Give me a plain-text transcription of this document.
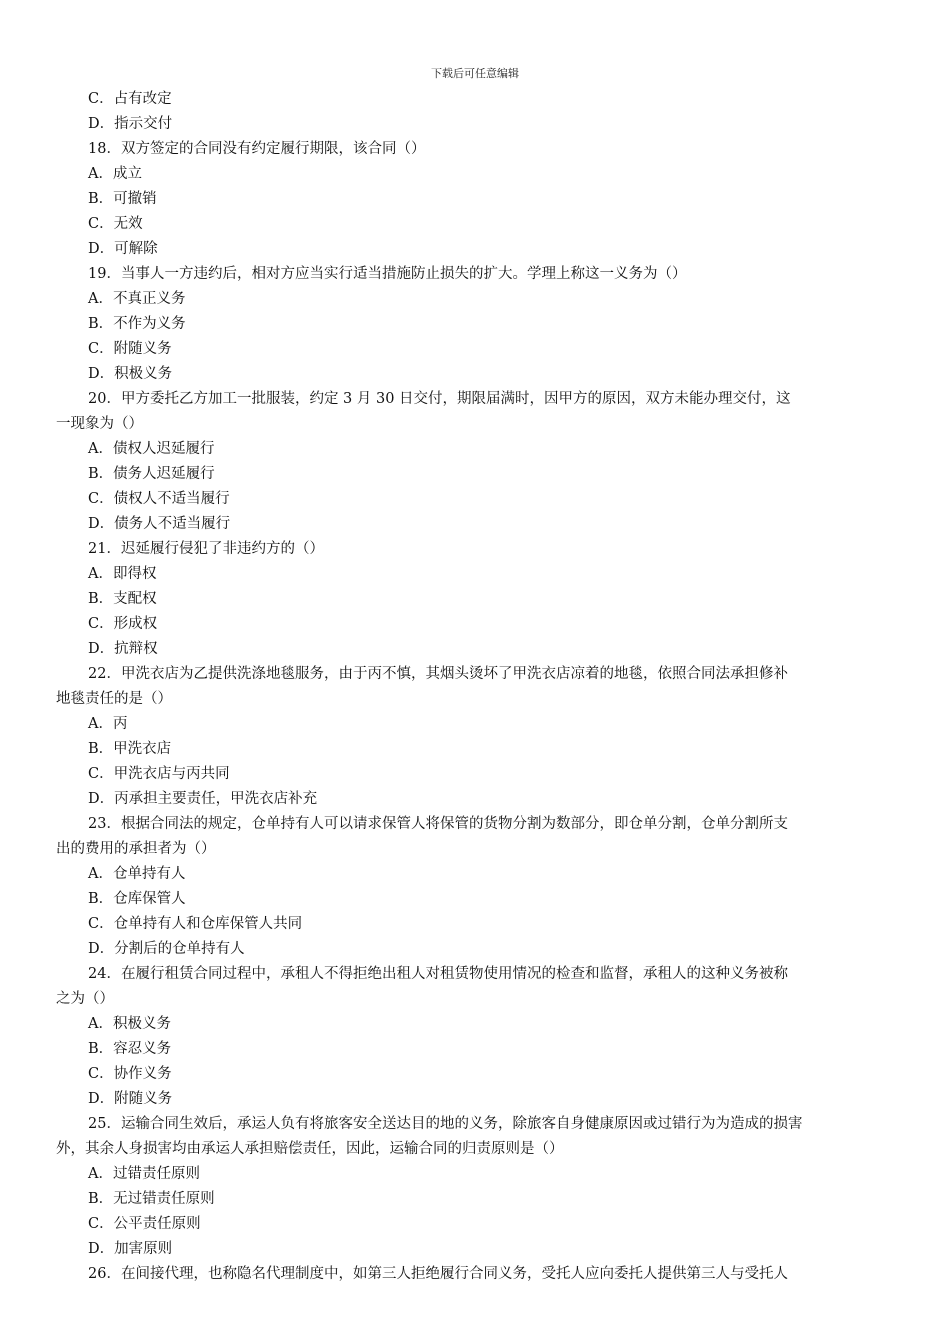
下载后可任意编辑
C．占有改定
D．指示交付
18．双方签定的合同没有约定履行期限，该合同（）
A．成立
B．可撤销
C．无效
D．可解除
19．当事人一方违约后，相对方应当实行适当措施防止损失的扩大。学理上称这一义务为（）
A．不真正义务
B．不作为义务
C．附随义务
D．积极义务
20．甲方委托乙方加工一批服装，约定 3 月 30 日交付，期限届满时，因甲方的原因，双方未能办理交付，这
一现象为（）
A．债权人迟延履行
B．债务人迟延履行
C．债权人不适当履行
D．债务人不适当履行
21．迟延履行侵犯了非违约方的（）
A．即得权
B．支配权
C．形成权
D．抗辩权
22．甲洗衣店为乙提供洗涤地毯服务，由于丙不慎，其烟头烫坏了甲洗衣店凉着的地毯，依照合同法承担修补
地毯责任的是（）
A．丙
B．甲洗衣店
C．甲洗衣店与丙共同
D．丙承担主要责任，甲洗衣店补充
23．根据合同法的规定，仓单持有人可以请求保管人将保管的货物分割为数部分，即仓单分割，仓单分割所支
出的费用的承担者为（）
A．仓单持有人
B．仓库保管人
C．仓单持有人和仓库保管人共同
D．分割后的仓单持有人
24．在履行租赁合同过程中，承租人不得拒绝出租人对租赁物使用情况的检查和监督，承租人的这种义务被称
之为（）
A．积极义务
B．容忍义务
C．协作义务
D．附随义务
25．运输合同生效后，承运人负有将旅客安全送达目的地的义务，除旅客自身健康原因或过错行为为造成的损害
外，其余人身损害均由承运人承担赔偿责任，因此，运输合同的归责原则是（）
A．过错责任原则
B．无过错责任原则
C．公平责任原则
D．加害原则
26．在间接代理，也称隐名代理制度中，如第三人拒绝履行合同义务，受托人应向委托人提供第三人与受托人
